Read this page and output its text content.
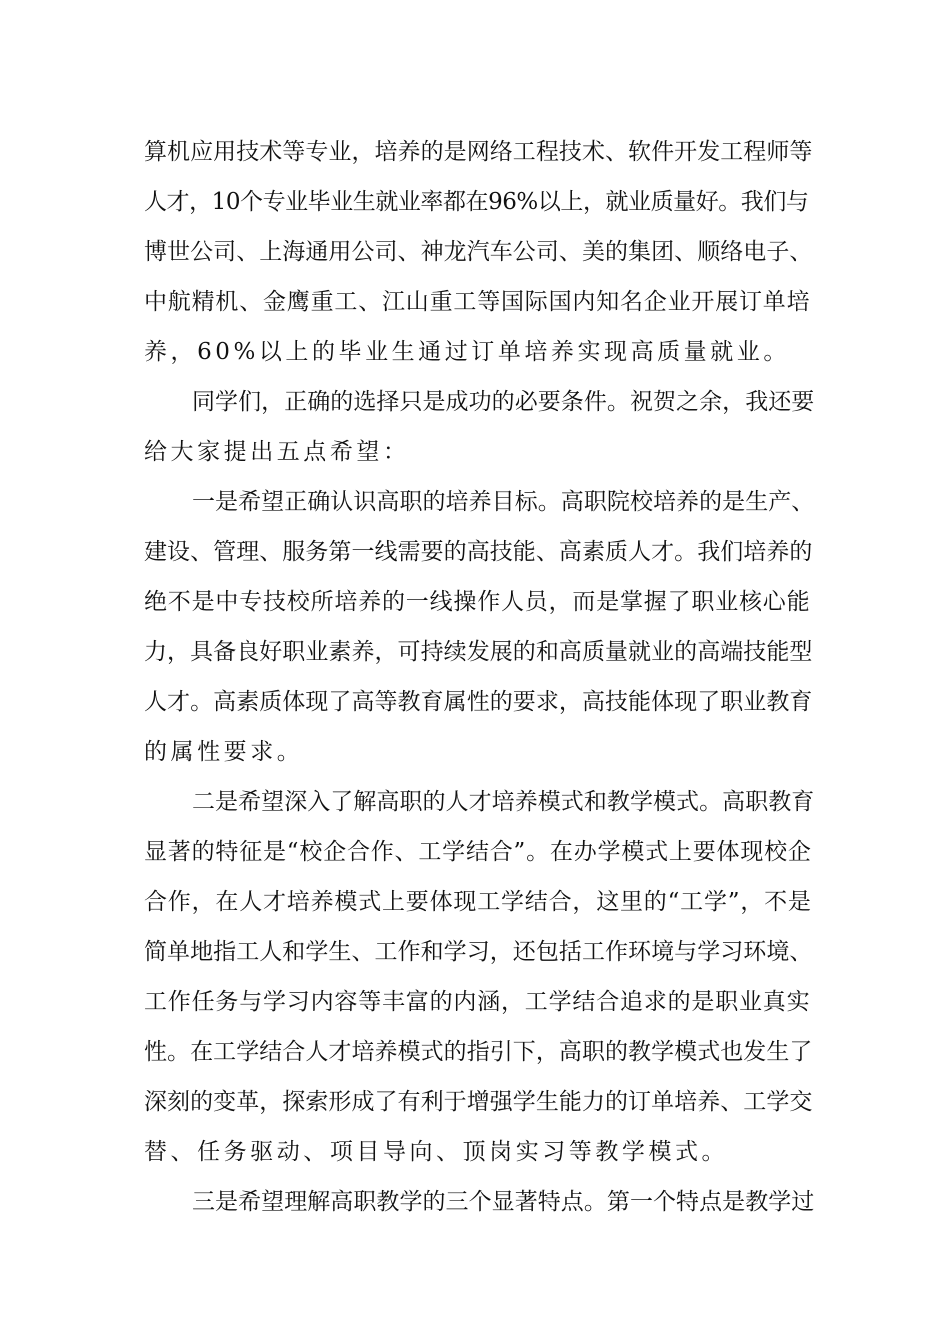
算机应用技术等专业，培养的是网络工程技术、软件开发工程师等
人才，10个专业毕业生就业率都在96%以上，就业质量好。我们与
博世公司、上海通用公司、神龙汽车公司、美的集团、顺络电子、
中航精机、金鹰重工、江山重工等国际国内知名企业开展订单培
养，60%以上的毕业生通过订单培养实现高质量就业。
同学们，正确的选择只是成功的必要条件。祝贺之余，我还要
给大家提出五点希望：
一是希望正确认识高职的培养目标。高职院校培养的是生产、
建设、管理、服务第一线需要的高技能、高素质人才。我们培养的
绝不是中专技校所培养的一线操作人员，而是掌握了职业核心能
力，具备良好职业素养，可持续发展的和高质量就业的高端技能型
人才。高素质体现了高等教育属性的要求，高技能体现了职业教育
的属性要求。
二是希望深入了解高职的人才培养模式和教学模式。高职教育
显著的特征是“校企合作、工学结合”。在办学模式上要体现校企
合作，在人才培养模式上要体现工学结合，这里的“工学”，不是
简单地指工人和学生、工作和学习，还包括工作环境与学习环境、
工作任务与学习内容等丰富的内涵，工学结合追求的是职业真实
性。在工学结合人才培养模式的指引下，高职的教学模式也发生了
深刻的变革，探索形成了有利于增强学生能力的订单培养、工学交
替、任务驱动、项目导向、顶岗实习等教学模式。
三是希望理解高职教学的三个显著特点。第一个特点是教学过
